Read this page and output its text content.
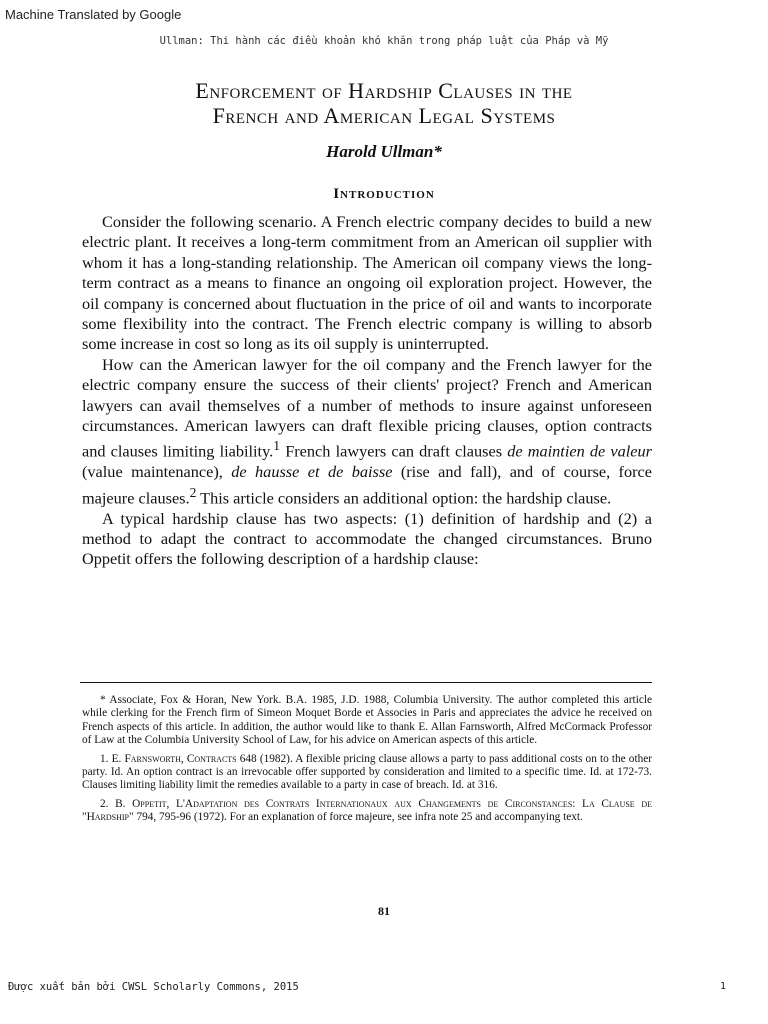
Machine Translated by Google
Ullman: Thi hành các điều khoản khó khăn trong pháp luật của Pháp và Mỹ
Enforcement of Hardship Clauses in the
French and American Legal Systems
Harold Ullman*
Introduction

Consider the following scenario. A French electric company decides to build a new electric plant. It receives a long-term commitment from an American oil supplier with whom it has a long-standing relationship. The American oil company views the long-term contract as a means to finance an ongoing oil exploration project. However, the oil company is concerned about fluctuation in the price of oil and wants to incorporate some flexibility into the contract. The French electric company is willing to absorb some increase in cost so long as its oil supply is uninterrupted.

How can the American lawyer for the oil company and the French lawyer for the electric company ensure the success of their clients' project? French and American lawyers can avail themselves of a number of methods to insure against unforeseen circumstances. American lawyers can draft flexible pricing clauses, option contracts and clauses limiting liability.$^1$ French lawyers can draft clauses de maintien de valeur (value maintenance), de hausse et de baisse (rise and fall), and of course, force majeure clauses.$^2$ This article considers an additional option: the hardship clause.

A typical hardship clause has two aspects: (1) definition of hardship and (2) a method to adapt the contract to accommodate the changed circumstances. Bruno Oppetit offers the following description of a hardship clause:

* Associate, Fox & Horan, New York. B.A. 1985, J.D. 1988, Columbia University. The author completed this article while clerking for the French firm of Simeon Moquet Borde et Associes in Paris and appreciates the advice he received on French aspects of this article. In addition, the author would like to thank E. Allan Farnsworth, Alfred McCormack Professor of Law at the Columbia University School of Law, for his advice on American aspects of this article.

1. E. Farnsworth, Contracts 648 (1982). A flexible pricing clause allows a party to pass additional costs on to the other party. Id. An option contract is an irrevocable offer supported by consideration and limited to a specific time. Id. at 172-73. Clauses limiting liability limit the remedies available to a party in case of breach. Id. at 316.

2. B. Oppetit, L'Adaptation des Contrats Internationaux aux Changements de Circonstances: La Clause de "Hardship" 794, 795-96 (1972). For an explanation of force majeure, see infra note 25 and accompanying text.

81
Được xuất bản bởi CWSL Scholarly Commons, 2015	1
